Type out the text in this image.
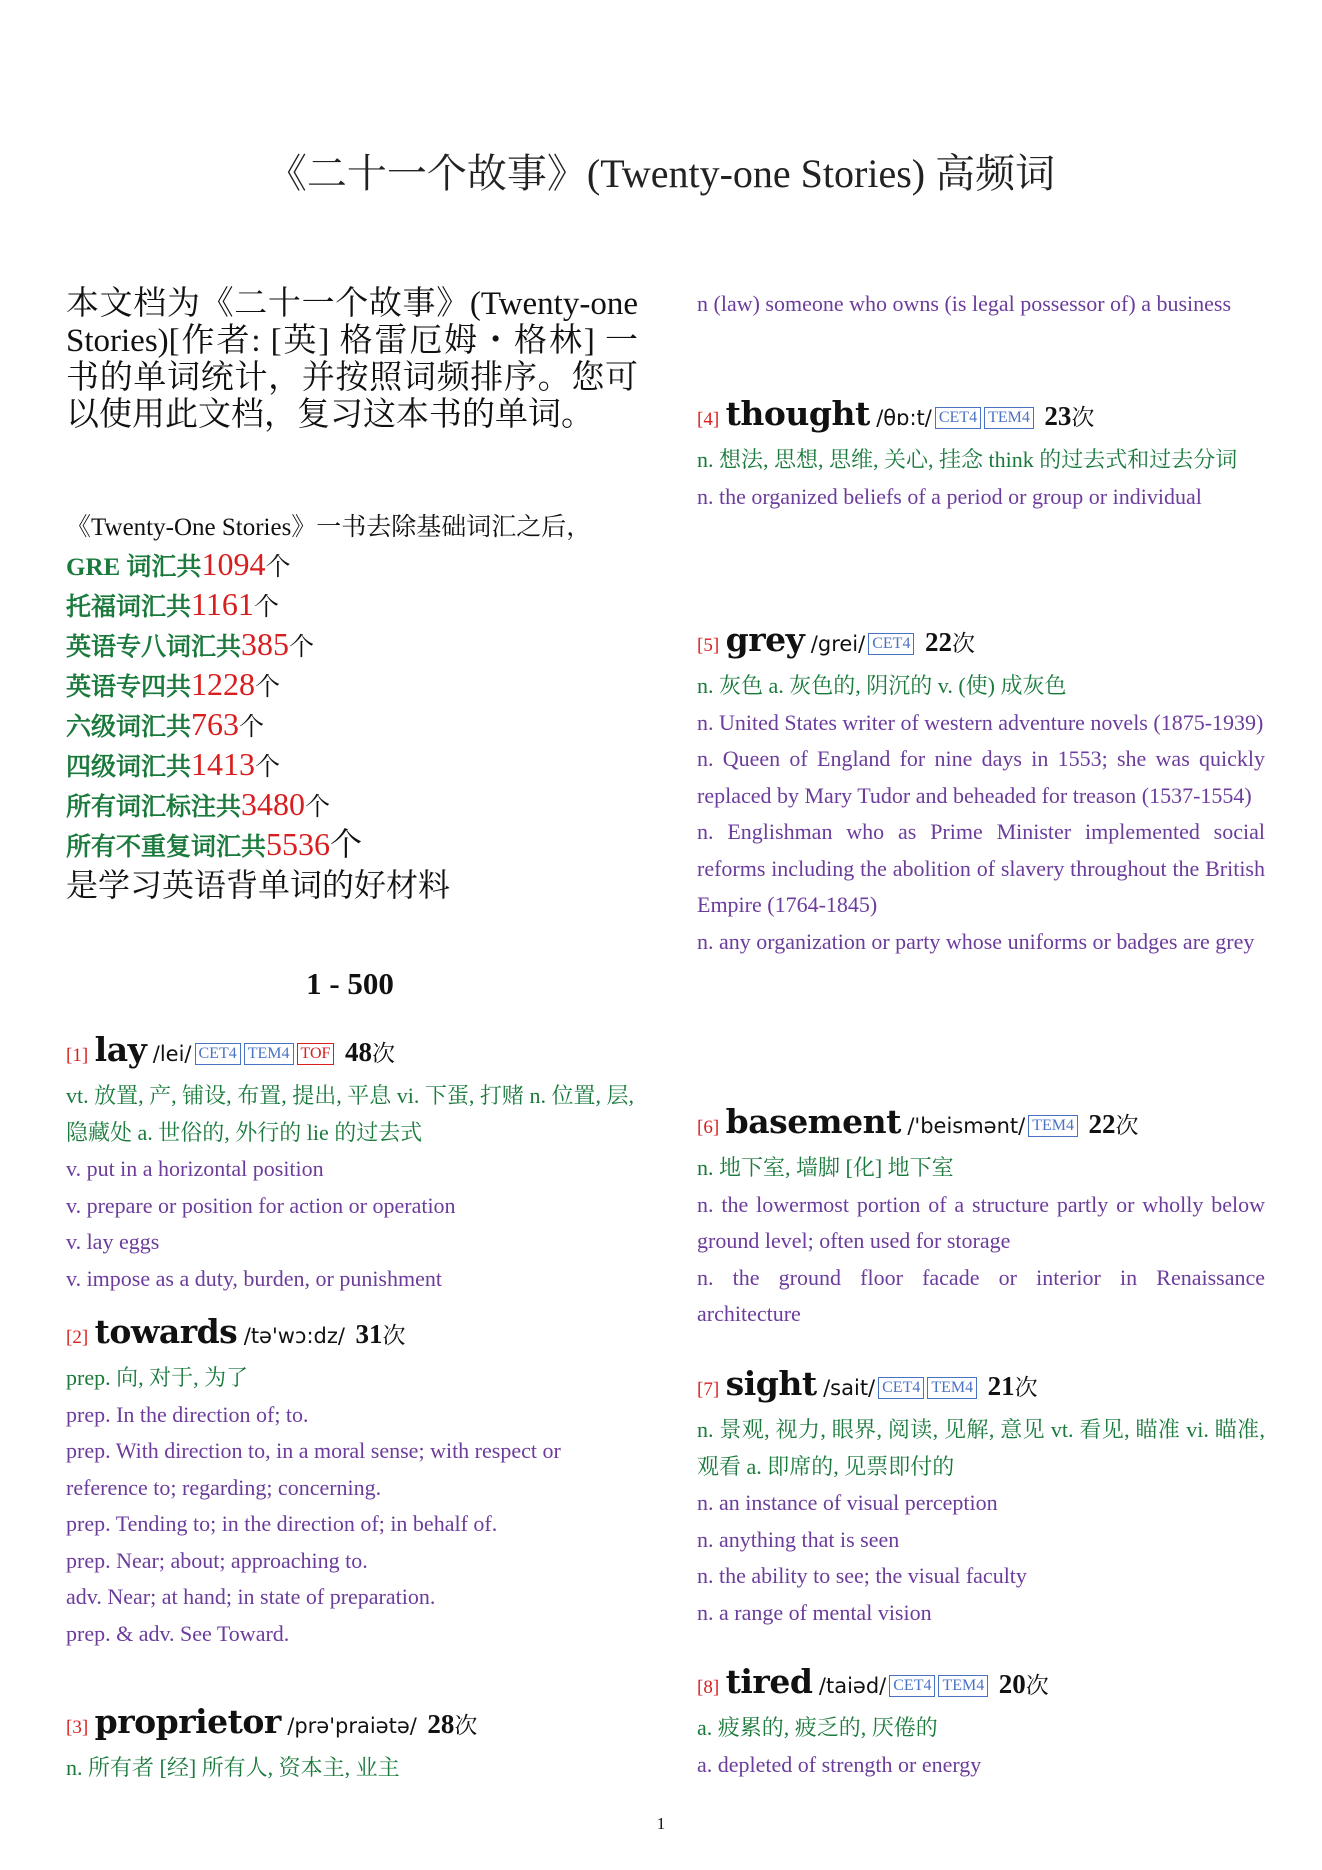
《二十一个故事》(Twenty-one Stories) 高频词
本文档为《二十一个故事》(Twenty-one Stories)[作者: [英] 格雷厄姆・格林] 一书的单词统计，并按照词频排序。您可以使用此文档，复习这本书的单词。
《Twenty-One Stories》一书去除基础词汇之后，
GRE 词汇共1094个
托福词汇共1161个
英语专八词汇共385个
英语专四共1228个
六级词汇共763个
四级词汇共1413个
所有词汇标注共3480个
所有不重复词汇共5536个
是学习英语背单词的好材料
1 - 500
[1] lay /lei/ CET4 TEM4 TOF 48次
vt. 放置, 产, 铺设, 布置, 提出, 平息 vi. 下蛋, 打赌 n. 位置, 层, 隐藏处 a. 世俗的, 外行的 lie 的过去式
v. put in a horizontal position
v. prepare or position for action or operation
v. lay eggs
v. impose as a duty, burden, or punishment
[2] towards /tə'wɔ:dz/ 31次
prep. 向, 对于, 为了
prep. In the direction of; to.
prep. With direction to, in a moral sense; with respect or
reference to; regarding; concerning.
prep. Tending to; in the direction of; in behalf of.
prep. Near; about; approaching to.
adv. Near; at hand; in state of preparation.
prep. & adv. See Toward.
[3] proprietor /prə'praiətə/ 28次
n. 所有者 [经] 所有人, 资本主, 业主
n (law) someone who owns (is legal possessor of) a business
[4] thought /θɒ:t/ CET4 TEM4 23次
n. 想法, 思想, 思维, 关心, 挂念 think 的过去式和过去分词
n. the organized beliefs of a period or group or individual
[5] grey /grei/ CET4 22次
n. 灰色 a. 灰色的, 阴沉的 v. (使) 成灰色
n. United States writer of western adventure novels (1875-1939)
n. Queen of England for nine days in 1553; she was quickly replaced by Mary Tudor and beheaded for treason (1537-1554)
n. Englishman who as Prime Minister implemented social reforms including the abolition of slavery throughout the British Empire (1764-1845)
n. any organization or party whose uniforms or badges are grey
[6] basement /'beismənt/ TEM4 22次
n. 地下室, 墙脚 [化] 地下室
n. the lowermost portion of a structure partly or wholly below ground level; often used for storage
n. the ground floor facade or interior in Renaissance architecture
[7] sight /sait/ CET4 TEM4 21次
n. 景观, 视力, 眼界, 阅读, 见解, 意见 vt. 看见, 瞄准 vi. 瞄准, 观看 a. 即席的, 见票即付的
n. an instance of visual perception
n. anything that is seen
n. the ability to see; the visual faculty
n. a range of mental vision
[8] tired /taiəd/ CET4 TEM4 20次
a. 疲累的, 疲乏的, 厌倦的
a. depleted of strength or energy
1
